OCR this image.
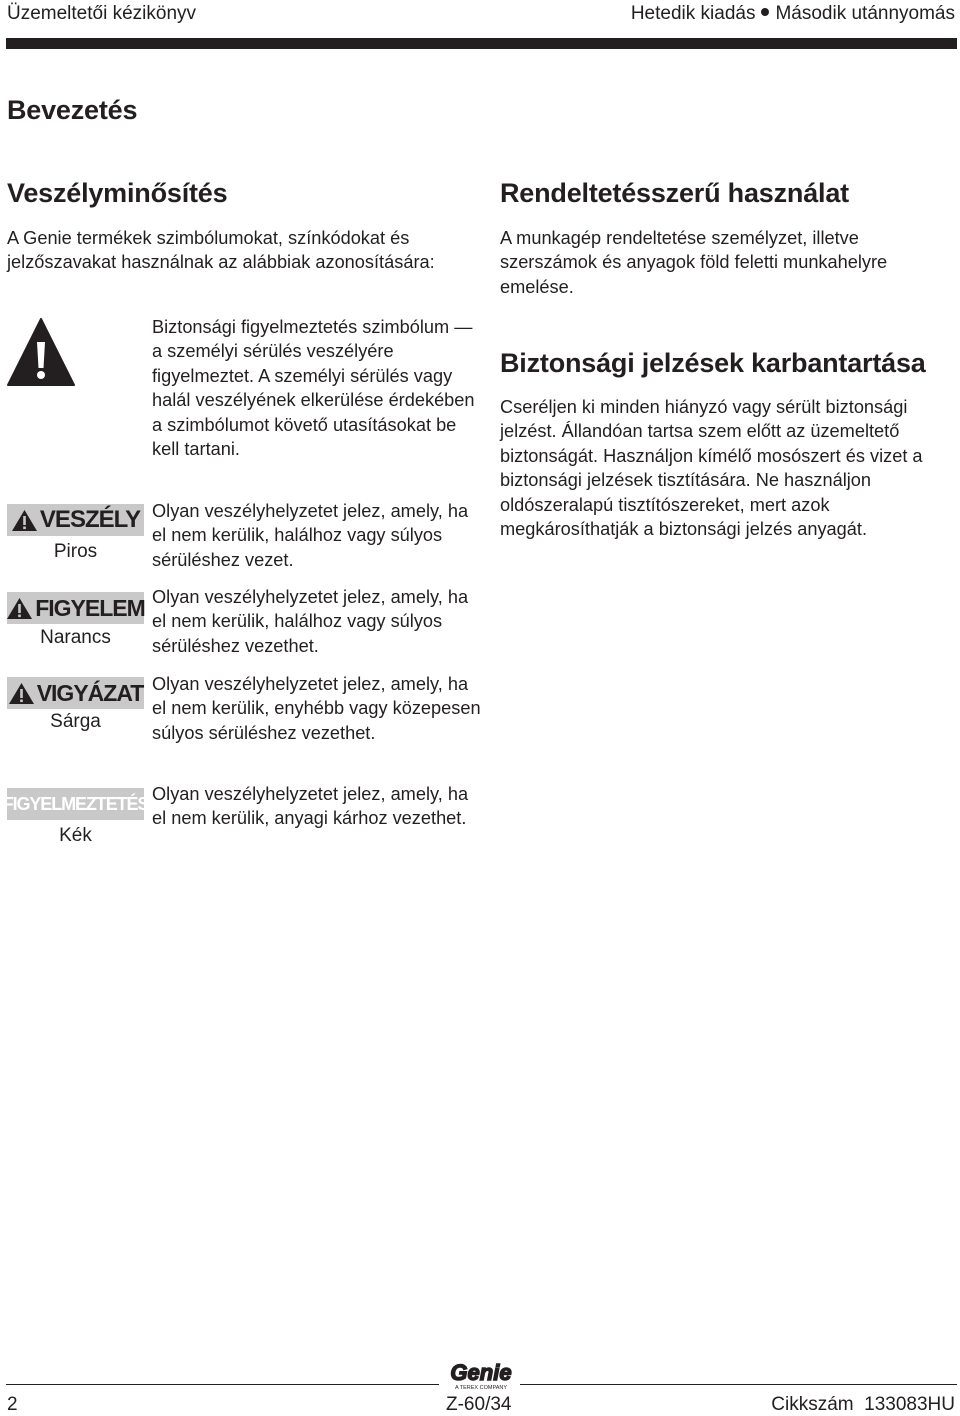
Üzemeltetői kézikönyv	Hetedik kiadás Második utánnyomás
Bevezetés
Veszélyminősítés
A Genie termékek szimbólumokat, színkódokat és jelzőszavakat használnak az alábbiak azonosítására:
Biztonsági figyelmeztetés szimbólum — a személyi sérülés veszélyére figyelmeztet. A személyi sérülés vagy halál veszélyének elkerülése érdekében a szimbólumot követő utasításokat be kell tartani.
VESZÉLY
Piros
Olyan veszélyhelyzetet jelez, amely, ha el nem kerülik, halálhoz vagy súlyos sérüléshez vezet.
FIGYELEM
Narancs
Olyan veszélyhelyzetet jelez, amely, ha el nem kerülik, halálhoz vagy súlyos sérüléshez vezethet.
VIGYÁZAT
Sárga
Olyan veszélyhelyzetet jelez, amely, ha el nem kerülik, enyhébb vagy közepesen súlyos sérüléshez vezethet.
FIGYELMEZTETÉS
Kék
Olyan veszélyhelyzetet jelez, amely, ha el nem kerülik, anyagi kárhoz vezethet.
Rendeltetésszerű használat
A munkagép rendeltetése személyzet, illetve szerszámok és anyagok föld feletti munkahelyre emelése.
Biztonsági jelzések karbantartása
Cseréljen ki minden hiányzó vagy sérült biztonsági jelzést. Állandóan tartsa szem előtt az üzemeltető biztonságát. Használjon kímélő mosószert és vizet a biztonsági jelzések tisztítására. Ne használjon oldószeralapú tisztítószereket, mert azok megkárosíthatják a biztonsági jelzés anyagát.
Genie
A TEREX COMPANY
2	Z-60/34	Cikkszám 133083HU
